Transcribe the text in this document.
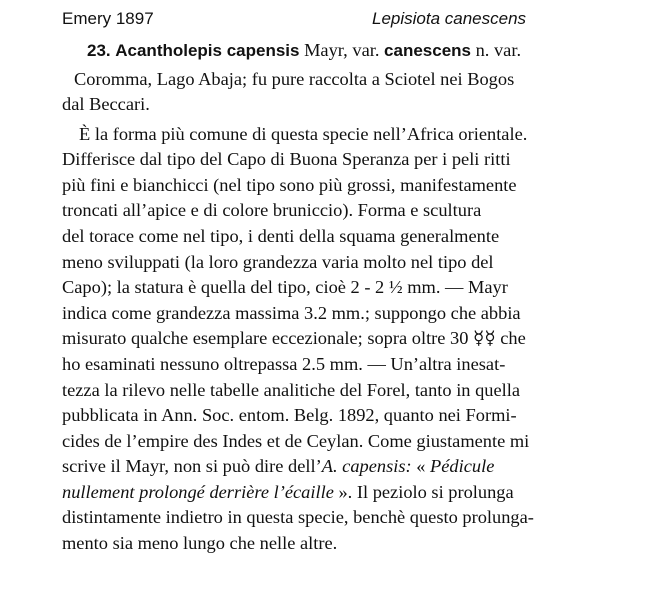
Emery 1897	Lepisiota canescens
23. Acantholepis capensis Mayr, var. canescens n. var.
Coromma, Lago Abaja; fu pure raccolta a Sciotel nei Bogos
dal Beccari.
È la forma più comune di questa specie nell’Africa orientale.
Differisce dal tipo del Capo di Buona Speranza per i peli ritti
più fini e bianchicci (nel tipo sono più grossi, manifestamente
troncati all’apice e di colore bruniccio). Forma e scultura
del torace come nel tipo, i denti della squama generalmente
meno sviluppati (la loro grandezza varia molto nel tipo del
Capo); la statura è quella del tipo, cioè 2 - 2 ½ mm. — Mayr
indica come grandezza massima 3.2 mm.; suppongo che abbia
misurato qualche esemplare eccezionale; sopra oltre 30 ☿☿ che
ho esaminati nessuno oltrepassa 2.5 mm. — Un’altra inesat-
tezza la rilevo nelle tabelle analitiche del Forel, tanto in quella
pubblicata in Ann. Soc. entom. Belg. 1892, quanto nei Formi-
cides de l’empire des Indes et de Ceylan. Come giustamente mi
scrive il Mayr, non si può dire dell’A. capensis: « Pédicule
nullement prolongé derrière l’écaille ». Il peziolo si prolunga
distintamente indietro in questa specie, benchè questo prolunga-
mento sia meno lungo che nelle altre.
